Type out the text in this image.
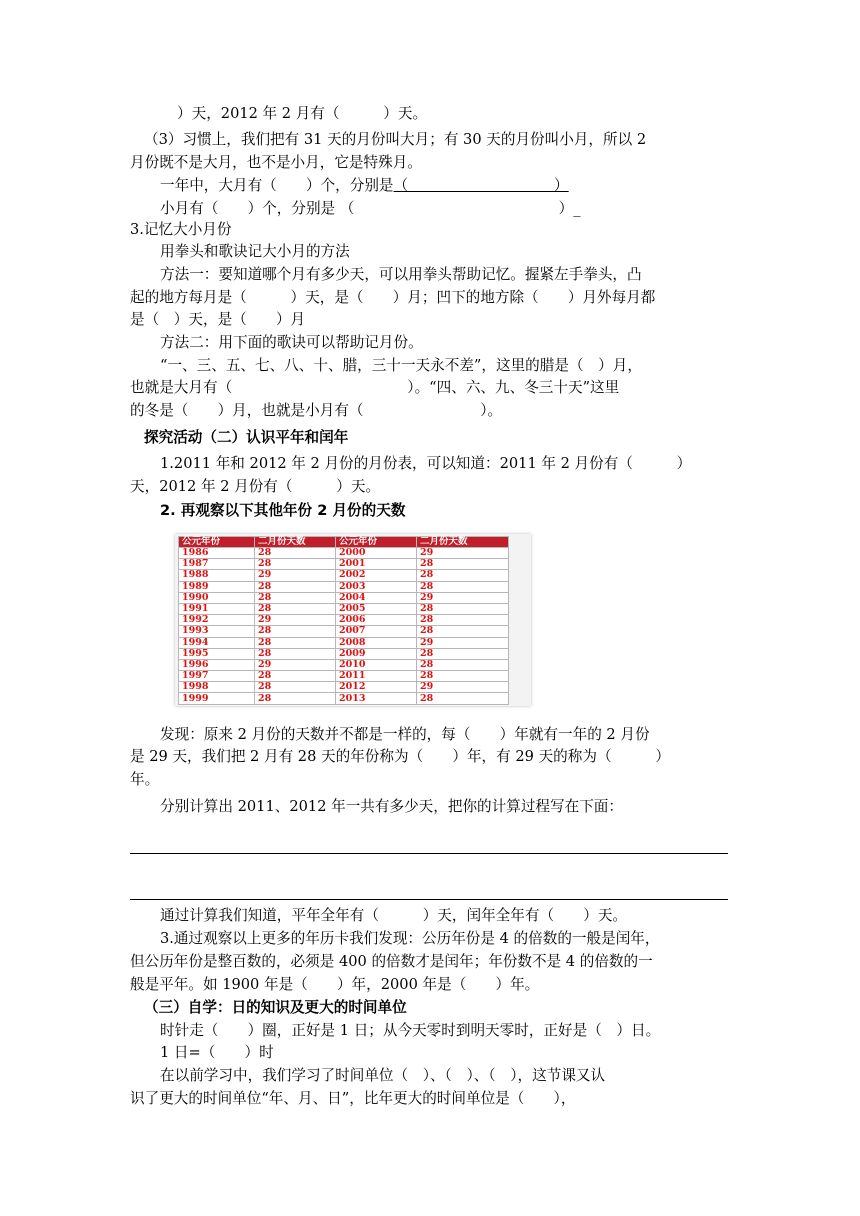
）天，2012 年 2 月有（　　　）天。
（3）习惯上，我们把有 31 天的月份叫大月；有 30 天的月份叫小月，所以 2
月份既不是大月，也不是小月，它是特殊月。
一年中，大月有（　　）个，分别是（　　　　　　　　　　）
小月有（　　）个，分别是 （　　　　　　　　　　　　　　）_
3.记忆大小月份
用拳头和歌诀记大小月的方法
方法一：要知道哪个月有多少天，可以用拳头帮助记忆。握紧左手拳头，凸
起的地方每月是（　　　）天，是（　　）月；凹下的地方除（　　）月外每月都
是（　）天，是（　　）月
方法二：用下面的歌诀可以帮助记月份。
“一、三、五、七、八、十、腊，三十一天永不差”，这里的腊是（　）月，
也就是大月有（　　　　　　　　　　　　）。“四、六、九、冬三十天”这里
的冬是（　　）月，也就是小月有（　　　　　　　　）。
探究活动（二）认识平年和闰年
1.2011 年和 2012 年 2 月份的月份表，可以知道：2011 年 2 月份有（　　　）
天，2012 年 2 月份有（　　　）天。
2. 再观察以下其他年份 2 月份的天数
公元年份	二月份天数	公元年份	二月份天数
1986	28	2000	29
1987	28	2001	28
1988	29	2002	28
1989	28	2003	28
1990	28	2004	29
1991	28	2005	28
1992	29	2006	28
1993	28	2007	28
1994	28	2008	29
1995	28	2009	28
1996	29	2010	28
1997	28	2011	28
1998	28	2012	29
1999	28	2013	28
发现：原来 2 月份的天数并不都是一样的，每（　　）年就有一年的 2 月份
是 29 天，我们把 2 月有 28 天的年份称为（　　）年，有 29 天的称为（　　　）
年。
分别计算出 2011、2012 年一共有多少天，把你的计算过程写在下面：
通过计算我们知道，平年全年有（　　　）天，闰年全年有（　　）天。
3.通过观察以上更多的年历卡我们发现：公历年份是 4 的倍数的一般是闰年，
但公历年份是整百数的，必须是 400 的倍数才是闰年；年份数不是 4 的倍数的一
般是平年。如 1900 年是（　　）年，2000 年是（　　）年。
（三）自学：日的知识及更大的时间单位
时针走（　　）圈，正好是 1 日；从今天零时到明天零时，正好是（　）日。
1 日=（　　）时
在以前学习中，我们学习了时间单位（　）、（　）、（　），这节课又认
识了更大的时间单位“年、月、日”，比年更大的时间单位是（　　），
